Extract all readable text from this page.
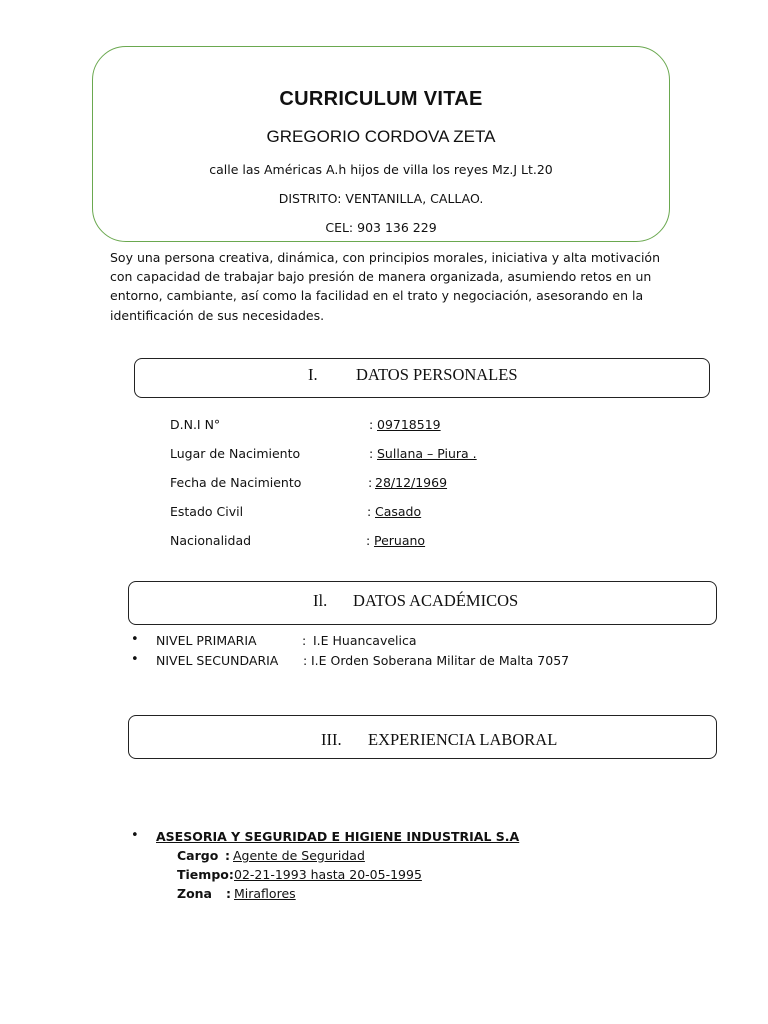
CURRICULUM VITAE
GREGORIO CORDOVA ZETA
calle las Américas A.h hijos de villa los reyes Mz.J Lt.20
DISTRITO: VENTANILLA, CALLAO.
CEL: 903 136 229
Soy una persona creativa, dinámica, con principios morales, iniciativa y alta motivación con capacidad de trabajar bajo presión de manera organizada, asumiendo retos en un entorno, cambiante, así como la facilidad en el trato y negociación, asesorando en la identificación de sus necesidades.
I. DATOS PERSONALES
D.N.I N°	: 09718519
Lugar de Nacimiento	: Sullana – Piura .
Fecha de Nacimiento	: 28/12/1969
Estado Civil	: Casado
Nacionalidad	: Peruano
Il. DATOS ACADÉMICOS
• NIVEL PRIMARIA	: I.E Huancavelica
• NIVEL SECUNDARIA : I.E Orden Soberana Militar de Malta 7057
III. EXPERIENCIA LABORAL
• ASESORIA Y SEGURIDAD E HIGIENE INDUSTRIAL S.A
Cargo : Agente de Seguridad
Tiempo: 02-21-1993 hasta 20-05-1995
Zona : Miraflores
